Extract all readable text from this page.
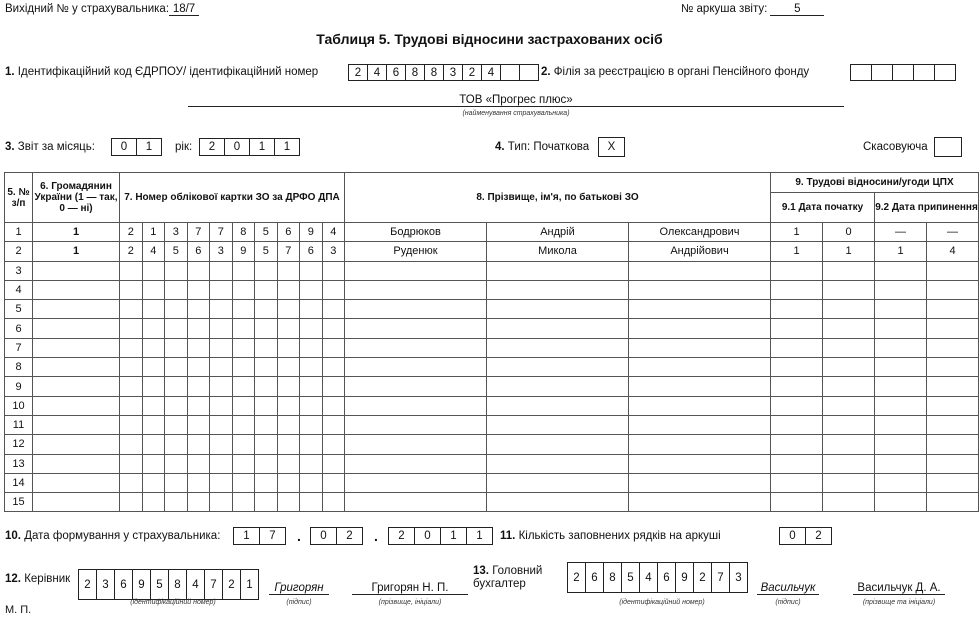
Вихідний № у страхувальника: 18/7	№ аркуша звіту: 5
Таблиця 5. Трудові відносини застрахованих осіб
1. Ідентифікаційний код ЄДРПОУ/ ідентифікаційний номер	2	4	6	8	8	3	2	4	2. Філія за реєстрацією в органі Пенсійного фонду
ТОВ «Прогрес плюс»
(найменування страхувальника)
3. Звіт за місяць:	0	1	рік:	2	0	1	1	4. Тип: Початкова	X	Скасовуюча
5. № з/п	6. Громадянин України (1 — так, 0 — ні)	7. Номер облікової картки ЗО за ДРФО ДПА										8. Прізвище, ім'я, по батькові ЗО			9. Трудові відносини/угоди ЦПХ			
															9.1 Дата початку		9.2 Дата припинення	
1	1	2	1	3	7	7	8	5	6	9	4	Бодрюков	Андрій	Олександрович	1	0	—	—
2	1	2	4	5	6	3	9	5	7	6	3	Руденюк	Микола	Андрійович	1	1	1	4
3																		
4																		
5																		
6																		
7																		
8																		
9																		
10																		
11																		
12																		
13																		
14																		
15																		
10. Дата формування у страхувальника:	1	7	.	0	2	.	2	0	1	1	11. Кількість заповнених рядків на аркуші	0	2
12. Керівник	2	3	6	9	5	8	4	7	2	1
(ідентифікаційний номер)
Григорян
(підпис)
Григорян Н. П.
(прізвище, ініціали)
13. Головний
бухгалтер
2	6	8	5	4	6	9	2	7	3
(ідентифікаційний номер)
Васильчук
(підпис)
Васильчук Д. А.
(прізвище та ініціали)
М. П.
